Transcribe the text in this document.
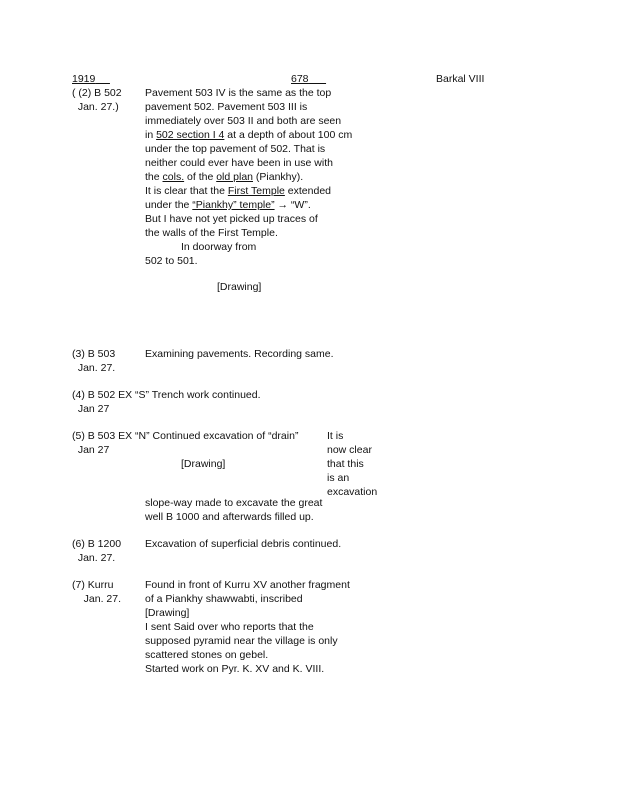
1919	678	Barkal VIII
( (2) B 502
Jan. 27.)
Pavement 503 IV is the same as the top
pavement 502. Pavement 503 III is
immediately over 503 II and both are seen
in 502 section I 4 at a depth of about 100 cm
under the top pavement of 502. That is
neither could ever have been in use with
the cols. of the old plan (Piankhy).
It is clear that the First Temple extended
under the “Piankhy” temple” → “W”.
But I have not yet picked up traces of
the walls of the First Temple.
In doorway from
502 to 501.
[Drawing]
(3) B 503
Jan. 27.
Examining pavements. Recording same.
(4) B 502 EX “S” Trench work continued.
Jan 27
(5) B 503 EX “N” Continued excavation of “drain”
Jan 27
[Drawing]
It is
now clear
that this
is an
excavation
slope-way made to excavate the great
well B 1000 and afterwards filled up.
(6) B 1200
Jan. 27.
Excavation of superficial debris continued.
(7) Kurru
Jan. 27.
Found in front of Kurru XV another fragment
of a Piankhy shawwabti, inscribed
[Drawing]
I sent Said over who reports that the
supposed pyramid near the village is only
scattered stones on gebel.
Started work on Pyr. K. XV and K. VIII.
